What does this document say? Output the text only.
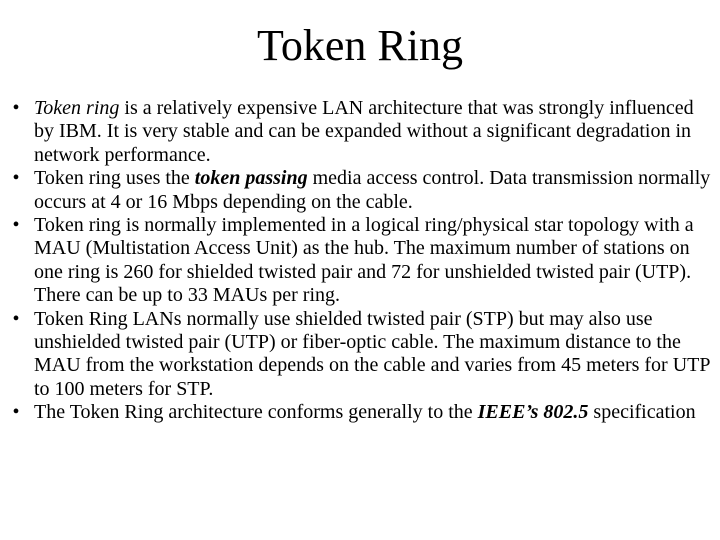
Token Ring
• Token ring is a relatively expensive LAN architecture that was strongly influenced by IBM. It is very stable and can be expanded without a significant degradation in network performance.
• Token ring uses the token passing media access control. Data transmission normally occurs at 4 or 16 Mbps depending on the cable.
• Token ring is normally implemented in a logical ring/physical star topology with a MAU (Multistation Access Unit) as the hub. The maximum number of stations on one ring is 260 for shielded twisted pair and 72 for unshielded twisted pair (UTP). There can be up to 33 MAUs per ring.
• Token Ring LANs normally use shielded twisted pair (STP) but may also use unshielded twisted pair (UTP) or fiber-optic cable. The maximum distance to the MAU from the workstation depends on the cable and varies from 45 meters for UTP to 100 meters for STP.
• The Token Ring architecture conforms generally to the IEEE’s 802.5 specification
